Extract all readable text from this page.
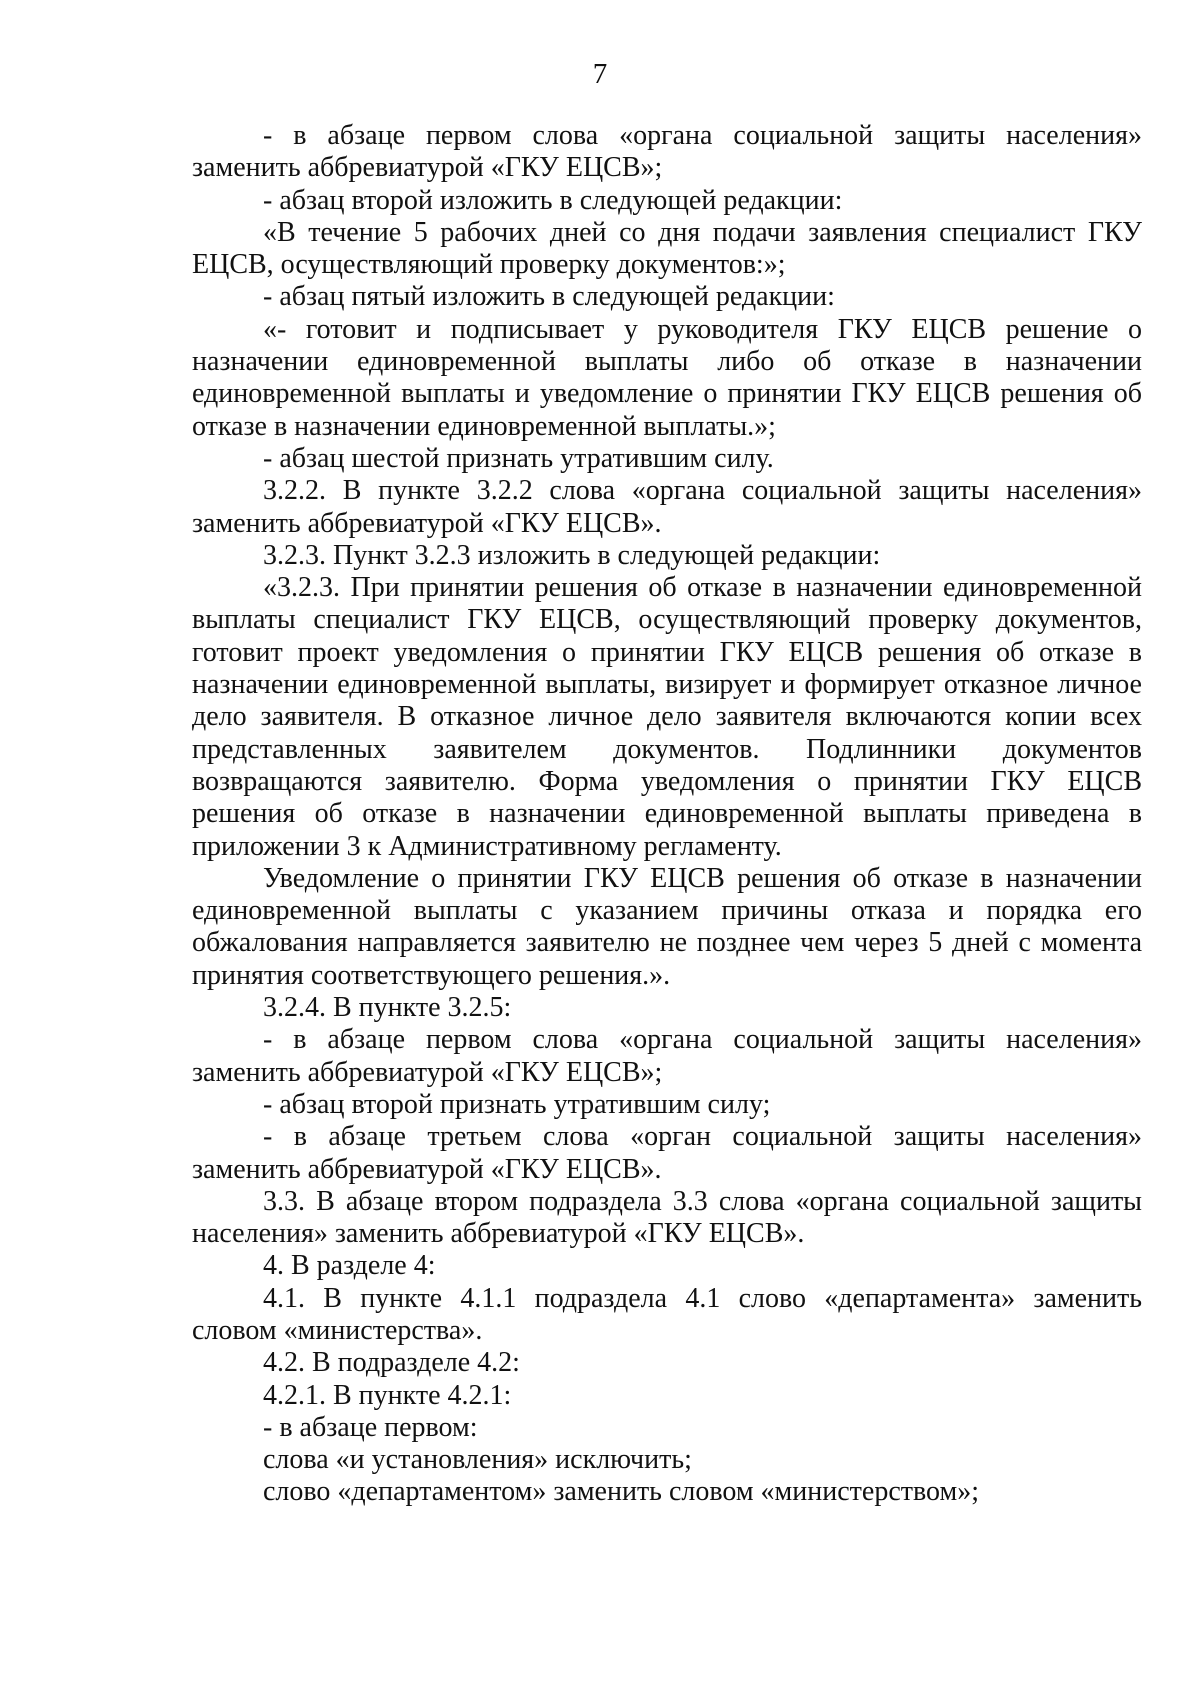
7

- в абзаце первом слова «органа социальной защиты населения» заменить аббревиатурой «ГКУ ЕЦСВ»;

- абзац второй изложить в следующей редакции:

«В течение 5 рабочих дней со дня подачи заявления специалист ГКУ ЕЦСВ, осуществляющий проверку документов:»;

- абзац пятый изложить в следующей редакции:

«- готовит и подписывает у руководителя ГКУ ЕЦСВ решение о назначении единовременной выплаты либо об отказе в назначении единовременной выплаты и уведомление о принятии ГКУ ЕЦСВ решения об отказе в назначении единовременной выплаты.»;

- абзац шестой признать утратившим силу.

3.2.2. В пункте 3.2.2 слова «органа социальной защиты населения» заменить аббревиатурой «ГКУ ЕЦСВ».

3.2.3. Пункт 3.2.3 изложить в следующей редакции:

«3.2.3. При принятии решения об отказе в назначении единовременной выплаты специалист ГКУ ЕЦСВ, осуществляющий проверку документов, готовит проект уведомления о принятии ГКУ ЕЦСВ решения об отказе в назначении единовременной выплаты, визирует и формирует отказное личное дело заявителя. В отказное личное дело заявителя включаются копии всех представленных заявителем документов. Подлинники документов возвращаются заявителю. Форма уведомления о принятии ГКУ ЕЦСВ решения об отказе в назначении единовременной выплаты приведена в приложении 3 к Административному регламенту.

Уведомление о принятии ГКУ ЕЦСВ решения об отказе в назначении единовременной выплаты с указанием причины отказа и порядка его обжалования направляется заявителю не позднее чем через 5 дней с момента принятия соответствующего решения.».

3.2.4. В пункте 3.2.5:

- в абзаце первом слова «органа социальной защиты населения» заменить аббревиатурой «ГКУ ЕЦСВ»;

- абзац второй признать утратившим силу;

- в абзаце третьем слова «орган социальной защиты населения» заменить аббревиатурой «ГКУ ЕЦСВ».

3.3. В абзаце втором подраздела 3.3 слова «органа социальной защиты населения» заменить аббревиатурой «ГКУ ЕЦСВ».

4. В разделе 4:

4.1. В пункте 4.1.1 подраздела 4.1 слово «департамента» заменить словом «министерства».

4.2. В подразделе 4.2:

4.2.1. В пункте 4.2.1:

- в абзаце первом:

слова «и установления» исключить;

слово «департаментом» заменить словом «министерством»;
